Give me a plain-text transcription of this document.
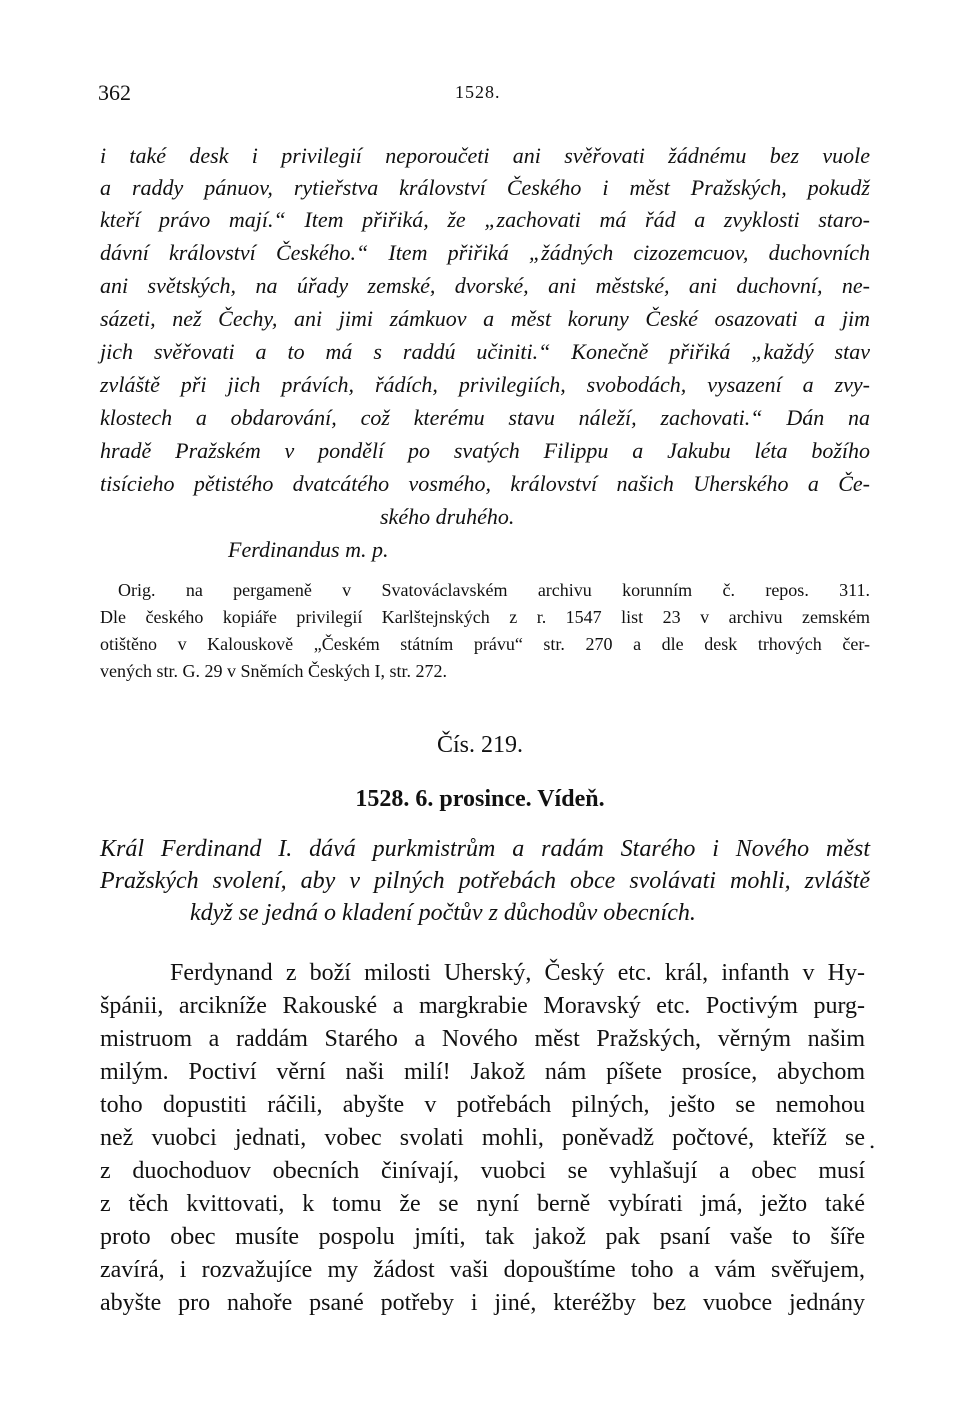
362	1528.

i také desk i privilegií neporoučeti ani svěřovati žádnému bez vuole

a raddy pánuov, rytieřstva království Českého i měst Pražských, pokudž

kteří právo mají.“ Item přiřiká, že „zachovati má řád a zvyklosti staro-

dávní království Českého.“ Item přiřiká „žádných cizozemcuov, duchovních

ani světských, na úřady zemské, dvorské, ani městské, ani duchovní, ne-

sázeti, než Čechy, ani jimi zámkuov a měst koruny České osazovati a jim

jich svěřovati a to má s raddú učiniti.“ Konečně přiřiká „každý stav

zvláště při jich právích, řádích, privilegiích, svobodách, vysazení a zvy-

klostech a obdarování, což kterému stavu náleží, zachovati.“ Dán na

hradě Pražském v pondělí po svatých Filippu a Jakubu léta božího

tisícieho pětistého dvatcátého vosmého, království našich Uherského a Če-

ského druhého.

Ferdinandus m. p.

Orig. na pergameně v Svatováclavském archivu korunním č. repos. 311.

Dle českého kopiáře privilegií Karlštejnských z r. 1547 list 23 v archivu zemském

otištěno v Kalouskově „Českém státním právu“ str. 270 a dle desk trhových čer-

vených str. G. 29 v Sněmích Českých I, str. 272.

Čís. 219.
1528. 6. prosince. Vídeň.

Král Ferdinand I. dává purkmistrům a radám Starého i Nového měst

Pražských svolení, aby v pilných potřebách obce svolávati mohli, zvláště

když se jedná o kladení počtův z důchodův obecních.

Ferdynand z boží milosti Uherský, Český etc. král, infanth v Hy-

špánii, arcikníže Rakouské a margkrabie Moravský etc. Poctivým purg-

mistruom a raddám Starého a Nového měst Pražských, věrným našim

milým. Poctiví věrní naši milí! Jakož nám píšete prosíce, abychom

toho dopustiti ráčili, abyšte v potřebách pilných, ješto se nemohou

než vuobci jednati, vobec svolati mohli, poněvadž počtové, kteříž se

z duochoduov obecních činívají, vuobci se vyhlašují a obec musí

z těch kvittovati, k tomu že se nyní berně vybírati jmá, ježto také

proto obec musíte pospolu jmíti, tak jakož pak psaní vaše to šíře

zavírá, i rozvažujíce my žádost vaši dopouštíme toho a vám svěřujem,

abyšte pro nahoře psané potřeby i jiné, kteréžby bez vuobce jednány

•
